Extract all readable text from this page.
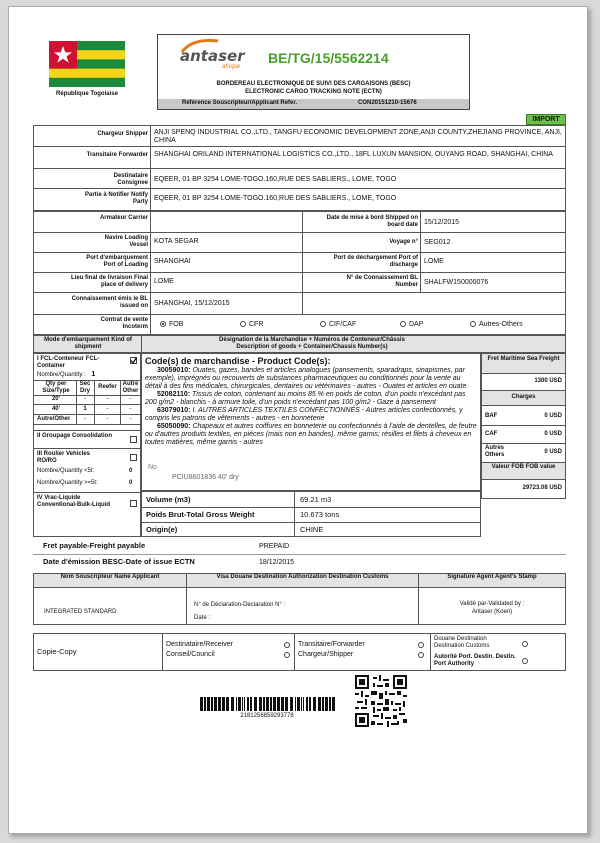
République Togolaise
antaser
afrique
BE/TG/15/5562214
BORDEREAU ELECTRONIQUE DE SUIVI DES CARGAISONS (BESC)
ELECTRONIC CARGO TRACKING NOTE (ECTN)
Référence Souscripteur/Applicant Refer.	CON20151210-15676
IMPORT
Chargeur Shipper ANJI SPENQ INDUSTRIAL CO.,LTD., TANGFU ECONOMIC DEVELOPMENT ZONE,ANJI COUNTY,ZHEJIANG PROVINCE, ANJI, CHINA
Transitaire Forwarder SHANGHAI ORILAND INTERNATIONAL LOGISTICS CO.,LTD., 18FL LUXUN MANSION, OUYANG ROAD, SHANGHAI, CHINA
Destinataire Consignee EQEER, 01 BP 3254 LOME-TOGO.160,RUE DES SABLIERS., LOME, TOGO
Partie à Notifier Notify Party EQEER, 01 BP 3254 LOME-TOGO.160,RUE DES SABLIERS., LOME, TOGO
Armateur Carrier	Date de mise à bord Shipped on board date 15/12/2015
Navire Loading Vessel KOTA SEGAR	Voyage n° SEG012
Port d'embarquement Port of Loading SHANGHAI	Port de déchargement Port of discharge LOME
Lieu final de livraison Final place of delivery LOME	N° de Connaissement BL Number SHALFW150000076
Connaissement émis le BL issued on SHANGHAI, 15/12/2015
Contrat de vente Incoterm	FOB	CFR	CIF/CAF	DAP	Autres-Others
Mode d'embarquement Kind of shipment
Désignation de la Marchandise + Numéros de Conteneur/Châssis
Description of goods + Container/Chassis Number(s)
I FCL-Conteneur FCL-Container
Nombre/Quantity : 1
Qty per Size/Type
Sec Dry
Reefer Autre Other
20'	-	-	-
40'	1	-	-
Autre/Other	-	-	-
II Groupage Consolidation
III Roulier Vehicles RO/RO
Nombre/Quantity <5t:	0
Nombre/Quantity >=5t:	0
IV Vrac-Liquide Conventional-Bulk-Liquid
Code(s) de marchandise - Product Code(s):
30059010: Ouates, gazes, bandes et articles analogues (pansements, sparadraps, sinapismes, par exemple), imprégnés ou recouverts de substances pharmaceutiques ou conditionnés pour la vente au détail à des fins médicales, chirurgicales, dentaires ou vétérinaires - autres - Ouates et articles en ouate
52082110: Tissus de coton, contenant au moins 85 % en poids de coton, d'un poids n'excédant pas 200 g/m2 - blanchis - à armure toile, d'un poids n'excédant pas 100 g/m2 - Gaze à pansement
63079010: I. AUTRES ARTICLES TEXTILES CONFECTIONNÉS - Autres articles confectionnés, y compris les patrons de vêtements - autres - en bonneterie
65050090: Chapeaux et autres coiffures en bonneterie ou confectionnés à l'aide de dentelles, de feutre ou d'autres produits textiles, en pièces (mais non en bandes), même garnis; résilles et filets à cheveux en toutes matières, même garnis - autres
No
PCIU8601836 40' dry
Fret Maritime Sea Freight
1300 USD
Charges
BAF	0 USD
CAF	0 USD
Autres Others	0 USD
Valeur FOB FOB value
29723.08 USD
Volume (m3)	69.21 m3
Poids Brut-Total Gross Weight	10.673 tons
Origin(e)	CHINE
Fret payable-Freight payable	PREPAID
Date d'émission BESC-Date of issue ECTN	18/12/2015
Nom Souscripteur Name Applicant	Visa Douane Destination Authorization Destination Customs	Signature Agent Agent's Stamp
INTEGRATED STANDARD
N° de Déclaration-Declaration N° :
Date :
Validé par-Validated by :
Antaser (Koen)
Copie-Copy
Destinataire/Receiver
Conseil/Council
Transitaire/Forwarder
Chargeur/Shipper
Douane Destination Destination Customs
Autorité Port. Destin. Destin. Port Authority
2181258859293778
